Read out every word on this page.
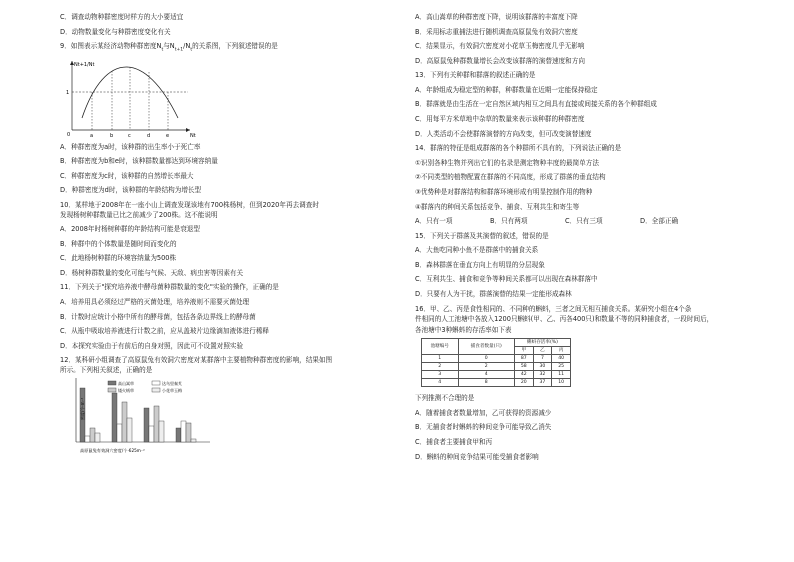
C．调查动物种群密度时样方的大小要适宜

D．动物数量变化与种群密度变化有关

9．如图表示某经济动物种群密度$N_t$与$N_{t+1}/N_t$的关系图，下列叙述错误的是

Nt+1/Nt
Nt
1
0	a	b	c	d	e

A．种群密度为a时，该种群的出生率小于死亡率

B．种群密度为b和e时，该种群数量都达到环境容纳量

C．种群密度为c时，该种群的自然增长率最大

D．种群密度为d时，该种群的年龄结构为增长型

10．某样地于2008年在一座小山上调查发现该地有700株杨树，但到2020年再去调查时

发现杨树种群数量已比之前减少了200株。这不能说明

A．2008年时杨树种群的年龄结构可能是衰退型

B．种群中的个体数量是随时间而变化的

C．此地杨树种群的环境容纳量为500株

D．杨树种群数量的变化可能与气候、天敌、病虫害等因素有关

11．下列关于"探究培养液中酵母菌种群数量的变化"实验的操作，正确的是

A．培养用具必须经过严格的灭菌处理，培养液则不需要灭菌处理

B．计数时应统计小格中所有的酵母菌，包括各条边界线上的酵母菌

C．从瓶中吸取培养液进行计数之前，应从盖玻片边缘滴加液体进行稀释

D．本探究实验由于有前后的自身对照，因此可不设置对照实验

12．某科研小组调查了高原鼠兔有效洞穴密度对某群落中主要植物种群密度的影响，结果如图

所示。下列相关叙述，正确的是

高山嵩草	达乌里秦艽
矮火绒草	小花草玉梅
密度/个·m⁻²
高原鼠兔有效洞穴密度/个·625m⁻²

A．高山嵩草的种群密度下降，说明该群落的丰富度下降

B．采用标志重捕法进行随机调查高原鼠兔有效洞穴密度

C．结果显示，有效洞穴密度对小花草玉梅密度几乎无影响

D．高原鼠兔种群数量增长会改变该群落的演替速度和方向

13．下列有关种群和群落的叙述正确的是

A．年龄组成为稳定型的种群，种群数量在近期一定能保持稳定

B．群落就是由生活在一定自然区域内相互之间具有直接或间接关系的各个种群组成

C．用每平方米草地中杂草的数量来表示该种群的种群密度

D．人类活动不会使群落演替的方向改变，但可改变演替速度

14．群落的特征是组成群落的各个种群所不具有的，下列说法正确的是

①识别各种生物并列出它们的名录是测定物种丰度的最简单方法

②不同类型的植物配置在群落的不同高度，形成了群落的垂直结构

③优势种是对群落结构和群落环境形成有明显控制作用的物种

④群落内的种间关系包括竞争、捕食、互利共生和寄生等

A．只有一项	B．只有两项	C．只有三项	D．全部正确

15．下列关于群落及其演替的叙述，错误的是

A．大鱼吃同种小鱼不是群落中的捕食关系

B．森林群落在垂直方向上有明显的分层现象

C．互利共生、捕食和竞争等种间关系都可以出现在森林群落中

D．只要有人为干扰，群落演替的结果一定能形成森林

16．甲、乙、丙是食性相同的、不同种的蝌蚪，三者之间无相互捕食关系。某研究小组在4个条

件相同的人工池塘中各放入1200只蝌蚪(甲、乙、丙各400只)和数量不等的同种捕食者，一段时间后，

各池塘中3种蝌蚪的存活率如下表

池塘编号	捕食者数量(只)	蝌蚪存活率(%)		
		甲	乙	丙
1	0	87	7	40
2	2	58	30	25
3	4	42	32	11
4	8	20	37	10

下列推测不合理的是

A．随着捕食者数量增加，乙可获得的资源减少

B．无捕食者时蝌蚪的种间竞争可能导致乙消失

C．捕食者主要捕食甲和丙

D．蝌蚪的种间竞争结果可能受捕食者影响
